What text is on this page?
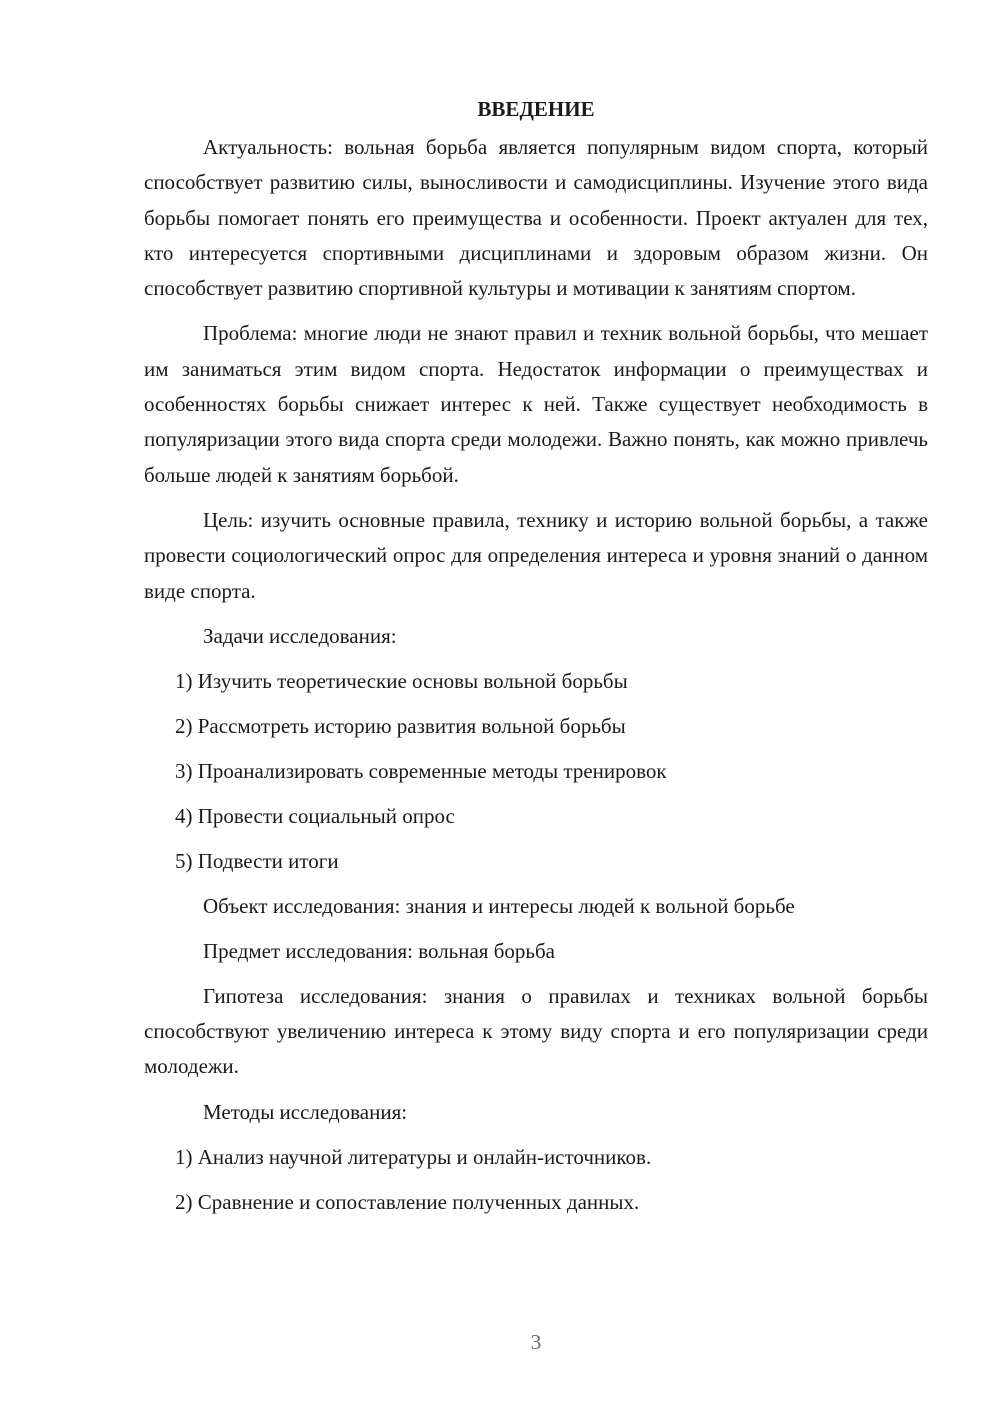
ВВЕДЕНИЕ

Актуальность: вольная борьба является популярным видом спорта, который способствует развитию силы, выносливости и самодисциплины. Изучение этого вида борьбы помогает понять его преимущества и особенности. Проект актуален для тех, кто интересуется спортивными дисциплинами и здоровым образом жизни. Он способствует развитию спортивной культуры и мотивации к занятиям спортом.

Проблема: многие люди не знают правил и техник вольной борьбы, что мешает им заниматься этим видом спорта. Недостаток информации о преимуществах и особенностях борьбы снижает интерес к ней. Также существует необходимость в популяризации этого вида спорта среди молодежи. Важно понять, как можно привлечь больше людей к занятиям борьбой.

Цель: изучить основные правила, технику и историю вольной борьбы, а также провести социологический опрос для определения интереса и уровня знаний о данном виде спорта.

Задачи исследования:
1) Изучить теоретические основы вольной борьбы
2) Рассмотреть историю развития вольной борьбы
3) Проанализировать современные методы тренировок
4) Провести социальный опрос
5) Подвести итоги
Объект исследования: знания и интересы людей к вольной борьбе
Предмет исследования: вольная борьба

Гипотеза исследования: знания о правилах и техниках вольной борьбы способствуют увеличению интереса к этому виду спорта и его популяризации среди молодежи.

Методы исследования:
1) Анализ научной литературы и онлайн-источников.
2) Сравнение и сопоставление полученных данных.
3
